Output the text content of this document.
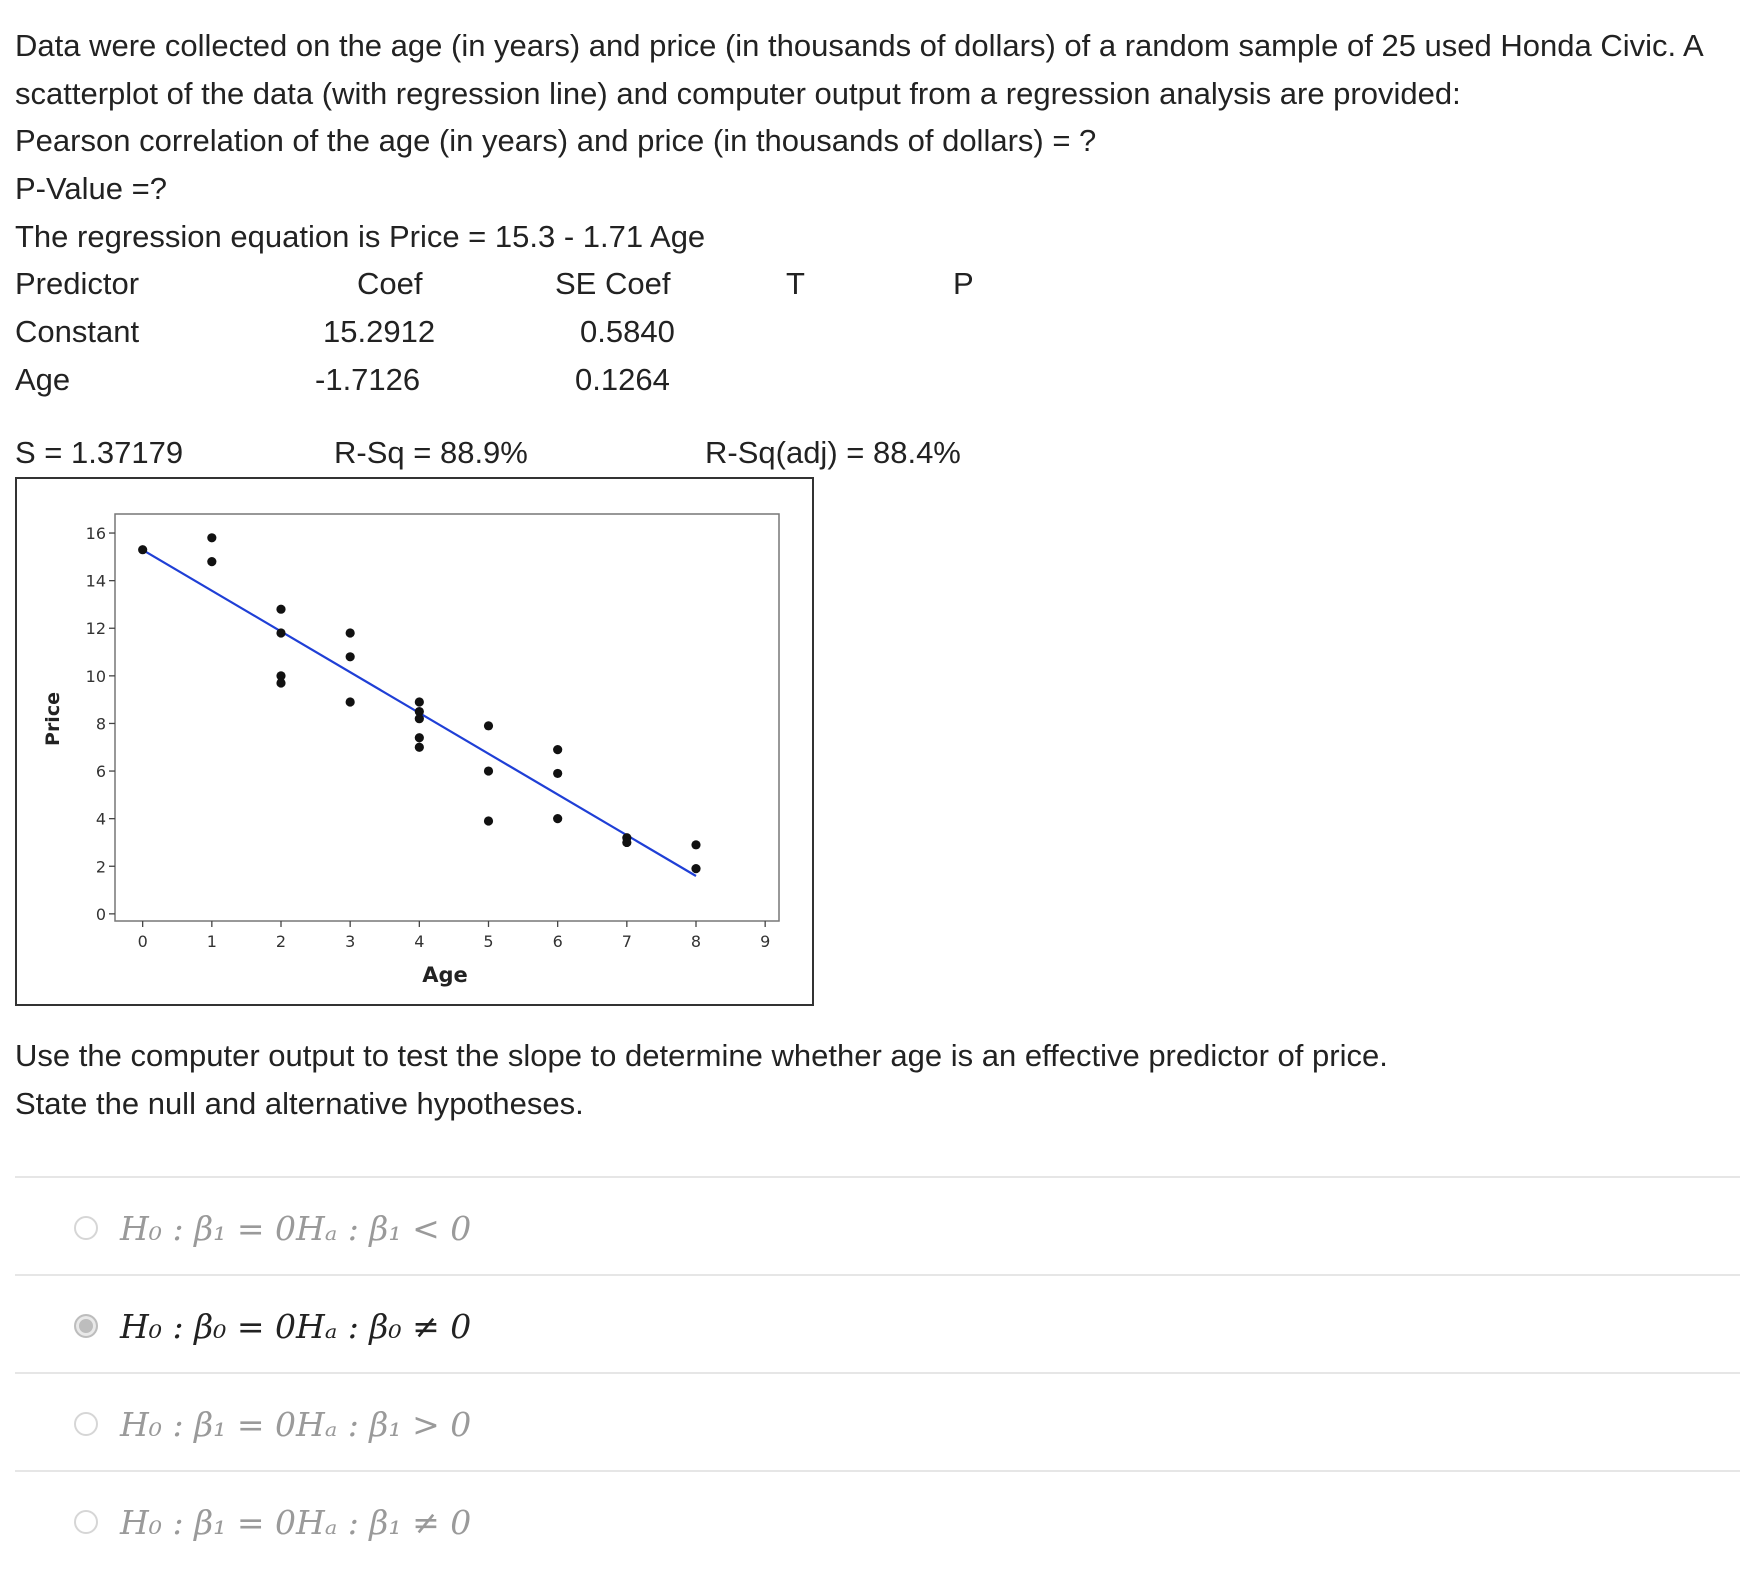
Data were collected on the age (in years) and price (in thousands of dollars) of a random sample of 25 used Honda Civic. A
scatterplot of the data (with regression line) and computer output from a regression analysis are provided:
Pearson correlation of the age (in years) and price (in thousands of dollars) = ?
P-Value =?
The regression equation is Price = 15.3 - 1.71 Age
Predictor	Coef	SE Coef	T	P
Constant	15.2912	0.5840
Age	-1.7126	0.1264
S = 1.37179	R-Sq = 88.9%	R-Sq(adj) = 88.4%
0
2
4
6
8
10
12
14
16
0	1	2	3	4	5	6	7	8	9
Age
Price
Use the computer output to test the slope to determine whether age is an effective predictor of price.
State the null and alternative hypotheses.
H₀ : β₁ = 0Hₐ : β₁ < 0
H₀ : β₀ = 0Hₐ : β₀ ≠ 0
H₀ : β₁ = 0Hₐ : β₁ > 0
H₀ : β₁ = 0Hₐ : β₁ ≠ 0
